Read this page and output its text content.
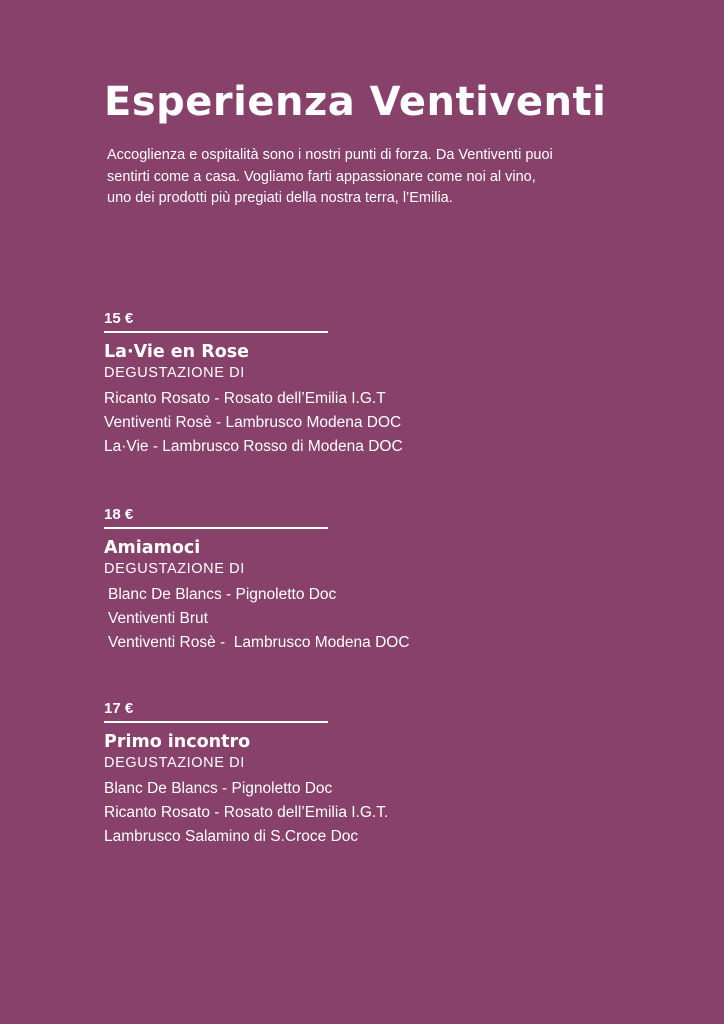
Esperienza Ventiventi

Accoglienza e ospitalità sono i nostri punti di forza. Da Ventiventi puoi
sentirti come a casa. Vogliamo farti appassionare come noi al vino,
uno dei prodotti più pregiati della nostra terra, l’Emilia.

15 €
La·Vie en Rose
DEGUSTAZIONE DI
Ricanto Rosato - Rosato dell’Emilia I.G.T
Ventiventi Rosè - Lambrusco Modena DOC
La·Vie - Lambrusco Rosso di Modena DOC
18 €
Amiamoci
DEGUSTAZIONE DI
Blanc De Blancs - Pignoletto Doc
Ventiventi Brut
Ventiventi Rosè -  Lambrusco Modena DOC
17 €
Primo incontro
DEGUSTAZIONE DI
Blanc De Blancs - Pignoletto Doc
Ricanto Rosato - Rosato dell’Emilia I.G.T.
Lambrusco Salamino di S.Croce Doc
